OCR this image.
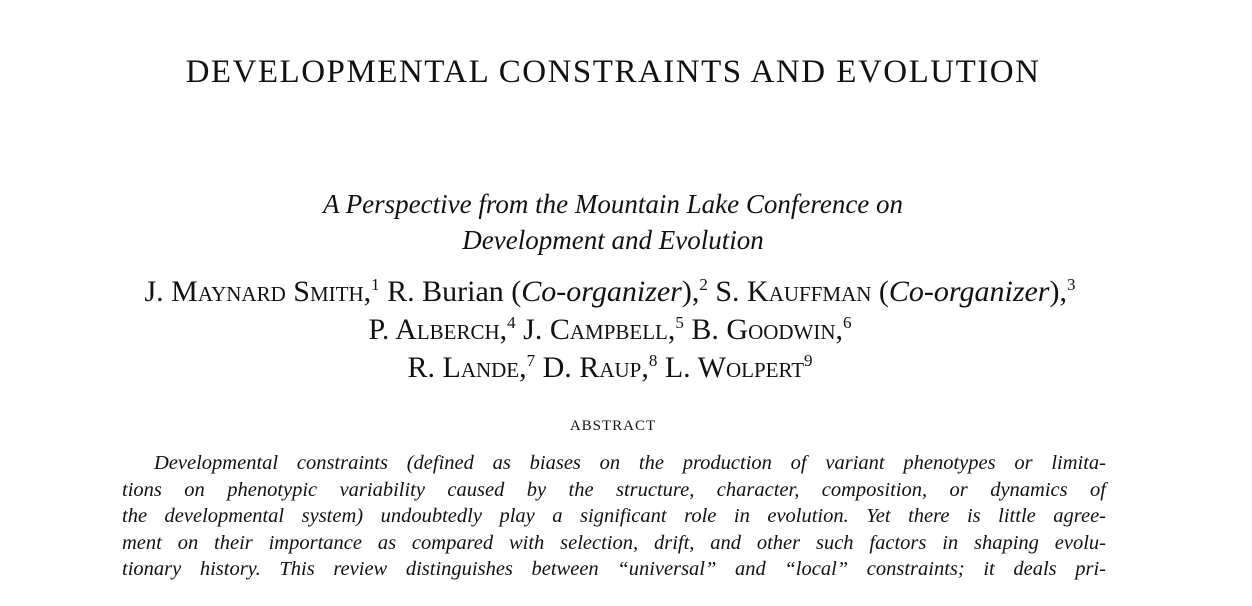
DEVELOPMENTAL CONSTRAINTS AND EVOLUTION
A Perspective from the Mountain Lake Conference on
Development and Evolution
J. Maynard Smith,$^1$ R. Burian (Co-organizer),$^2$ S. Kauffman (Co-organizer),$^3$
P. Alberch,$^4$ J. Campbell,$^5$ B. Goodwin,$^6$
R. Lande,$^7$ D. Raup,$^8$ L. Wolpert$^9$
ABSTRACT
Developmental constraints (defined as biases on the production of variant phenotypes or limita-
tions on phenotypic variability caused by the structure, character, composition, or dynamics of
the developmental system) undoubtedly play a significant role in evolution. Yet there is little agree-
ment on their importance as compared with selection, drift, and other such factors in shaping evolu-
tionary history. This review distinguishes between “universal” and “local” constraints; it deals pri-
